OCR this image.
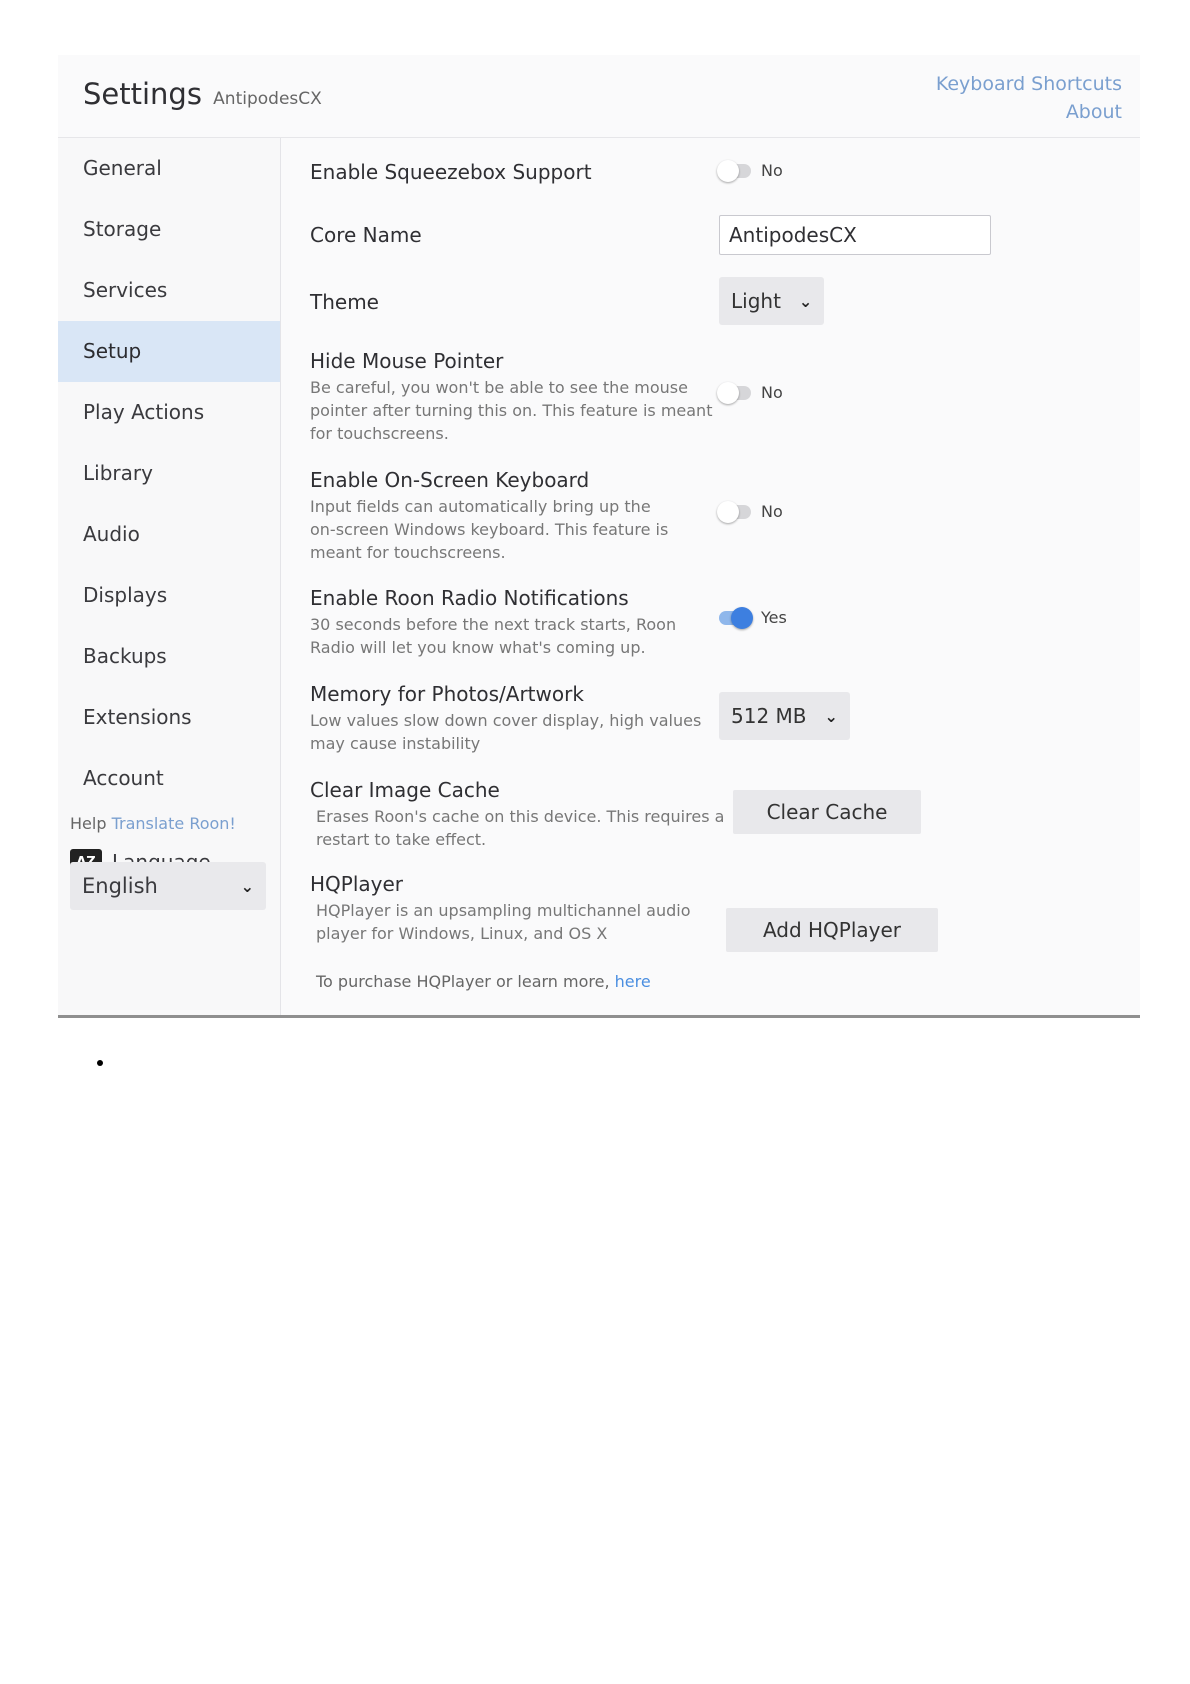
Settings AntipodesCX
Keyboard Shortcuts
About
General
Storage
Services
Setup
Play Actions
Library
Audio
Displays
Backups
Extensions
Account
Help Translate Roon!
English	⌄
Enable Squeezebox Support	No
Core Name	AntipodesCX
Theme	Light ⌄
Hide Mouse Pointer
Be careful, you won't be able to see the mouse
pointer after turning this on. This feature is meant
for touchscreens.
No
Enable On-Screen Keyboard
Input fields can automatically bring up the
on-screen Windows keyboard. This feature is
meant for touchscreens.
No
Enable Roon Radio Notifications
30 seconds before the next track starts, Roon
Radio will let you know what's coming up.
Yes
Memory for Photos/Artwork
Low values slow down cover display, high values
may cause instability
512 MB ⌄
Clear Image Cache
Erases Roon's cache on this device. This requires a
restart to take effect.
Clear Cache
HQPlayer
HQPlayer is an upsampling multichannel audio
player for Windows, Linux, and OS X	Add HQPlayer
To purchase HQPlayer or learn more, here
